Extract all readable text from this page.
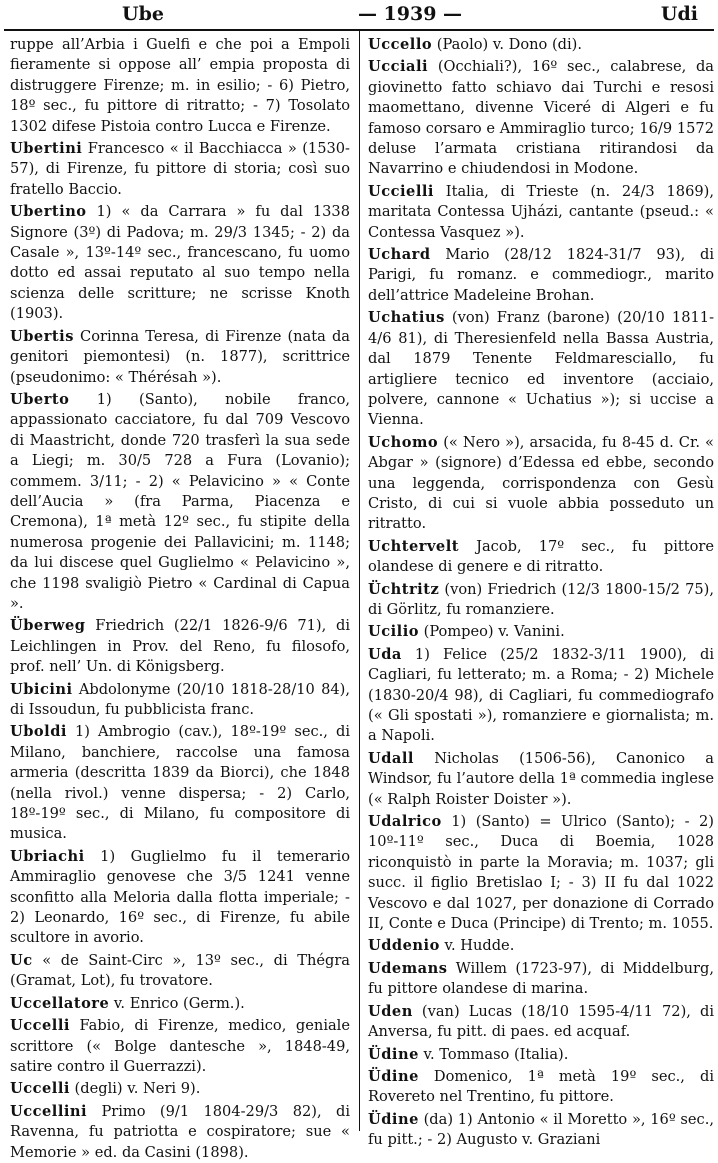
Ube	— 1939 —	Udi

ruppe all’Arbia i Guelfi e che poi a Empoli fieramente si oppose all’ empia proposta di distruggere Firenze; m. in esilio; - 6) Pietro, 18º sec., fu pittore di ritratto; - 7) Tosolato 1302 difese Pistoia contro Lucca e Firenze.

Ubertini Francesco « il Bacchiacca » (1530-57), di Firenze, fu pittore di storia; così suo fratello Baccio.

Ubertino 1) « da Carrara » fu dal 1338 Signore (3º) di Padova; m. 29/3 1345; - 2) da Casale », 13º-14º sec., francescano, fu uomo dotto ed assai reputato al suo tempo nella scienza delle scritture; ne scrisse Knoth (1903).

Ubertis Corinna Teresa, di Firenze (nata da genitori piemontesi) (n. 1877), scrittrice (pseudonimo: « Thérésah »).

Uberto 1) (Santo), nobile franco, appassionato cacciatore, fu dal 709 Vescovo di Maastricht, donde 720 trasferì la sua sede a Liegi; m. 30/5 728 a Fura (Lovanio); commem. 3/11; - 2) « Pelavicino » « Conte dell’Aucia » (fra Parma, Piacenza e Cremona), 1ª metà 12º sec., fu stipite della numerosa progenie dei Pallavicini; m. 1148; da lui discese quel Guglielmo « Pelavicino », che 1198 svaligiò Pietro « Cardinal di Capua ».

Überweg Friedrich (22/1 1826-9/6 71), di Leichlingen in Prov. del Reno, fu filosofo, prof. nell’ Un. di Königsberg.

Ubicini Abdolonyme (20/10 1818-28/10 84), di Issoudun, fu pubblicista franc.

Uboldi 1) Ambrogio (cav.), 18º-19º sec., di Milano, banchiere, raccolse una famosa armeria (descritta 1839 da Biorci), che 1848 (nella rivol.) venne dispersa; - 2) Carlo, 18º-19º sec., di Milano, fu compositore di musica.

Ubriachi 1) Guglielmo fu il temerario Ammiraglio genovese che 3/5 1241 venne sconfitto alla Meloria dalla flotta imperiale; - 2) Leonardo, 16º sec., di Firenze, fu abile scultore in avorio.

Uc « de Saint-Circ », 13º sec., di Thégra (Gramat, Lot), fu trovatore.

Uccellatore v. Enrico (Germ.).

Uccelli Fabio, di Firenze, medico, geniale scrittore (« Bolge dantesche », 1848-49, satire contro il Guerrazzi).

Uccelli (degli) v. Neri 9).

Uccellini Primo (9/1 1804-29/3 82), di Ravenna, fu patriotta e cospiratore; sue « Memorie » ed. da Casini (1898).

Uccello (Paolo) v. Dono (di).

Ucciali (Occhiali?), 16º sec., calabrese, da giovinetto fatto schiavo dai Turchi e resosi maomettano, divenne Viceré di Algeri e fu famoso corsaro e Ammiraglio turco; 16/9 1572 deluse l’armata cristiana ritirandosi da Navarrino e chiudendosi in Modone.

Uccielli Italia, di Trieste (n. 24/3 1869), maritata Contessa Ujházi, cantante (pseud.: « Contessa Vasquez »).

Uchard Mario (28/12 1824-31/7 93), di Parigi, fu romanz. e commediogr., marito dell’attrice Madeleine Brohan.

Uchatius (von) Franz (barone) (20/10 1811-4/6 81), di Theresienfeld nella Bassa Austria, dal 1879 Tenente Feldmaresciallo, fu artigliere tecnico ed inventore (acciaio, polvere, cannone « Uchatius »); si uccise a Vienna.

Uchomo (« Nero »), arsacida, fu 8-45 d. Cr. « Abgar » (signore) d’Edessa ed ebbe, secondo una leggenda, corrispondenza con Gesù Cristo, di cui si vuole abbia posseduto un ritratto.

Uchtervelt Jacob, 17º sec., fu pittore olandese di genere e di ritratto.

Üchtritz (von) Friedrich (12/3 1800-15/2 75), di Görlitz, fu romanziere.

Ucilio (Pompeo) v. Vanini.

Uda 1) Felice (25/2 1832-3/11 1900), di Cagliari, fu letterato; m. a Roma; - 2) Michele (1830-20/4 98), di Cagliari, fu commediografo (« Gli spostati »), romanziere e giornalista; m. a Napoli.

Udall Nicholas (1506-56), Canonico a Windsor, fu l’autore della 1ª commedia inglese (« Ralph Roister Doister »).

Udalrico 1) (Santo) = Ulrico (Santo); - 2) 10º-11º sec., Duca di Boemia, 1028 riconquistò in parte la Moravia; m. 1037; gli succ. il figlio Bretislao I; - 3) II fu dal 1022 Vescovo e dal 1027, per donazione di Corrado II, Conte e Duca (Principe) di Trento; m. 1055.

Uddenio v. Hudde.

Udemans Willem (1723-97), di Middelburg, fu pittore olandese di marina.

Uden (van) Lucas (18/10 1595-4/11 72), di Anversa, fu pitt. di paes. ed acquaf.

Üdine v. Tommaso (Italia).

Üdine Domenico, 1ª metà 19º sec., di Rovereto nel Trentino, fu pittore.

Üdine (da) 1) Antonio « il Moretto », 16º sec., fu pitt.; - 2) Augusto v. Graziani
